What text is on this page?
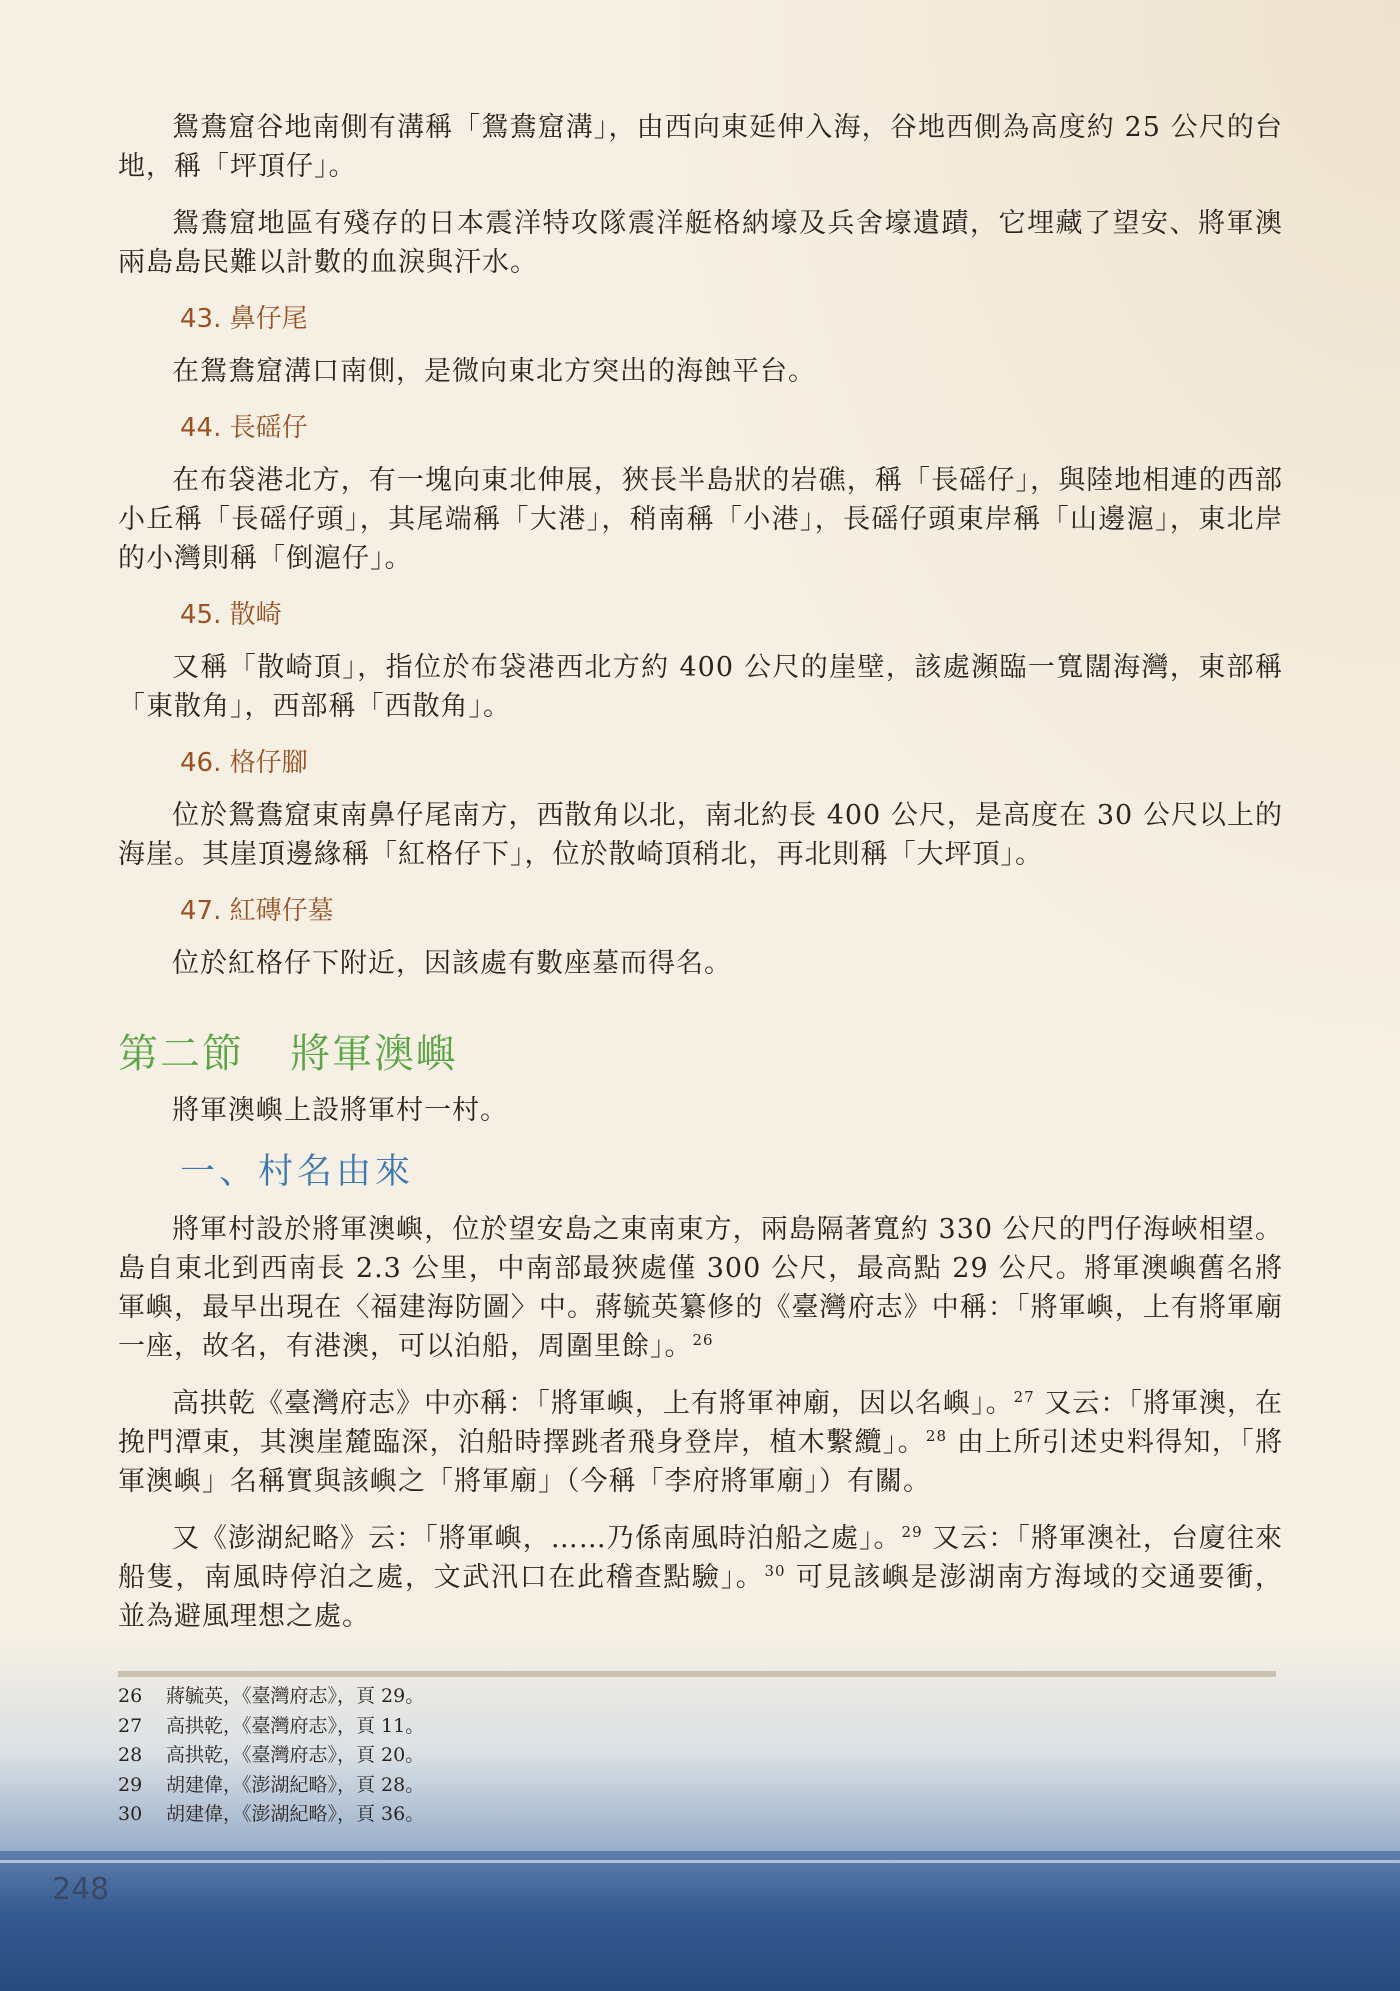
鴛鴦窟谷地南側有溝稱「鴛鴦窟溝」，由西向東延伸入海，谷地西側為高度約 25 公尺的台地，稱「坪頂仔」。

鴛鴦窟地區有殘存的日本震洋特攻隊震洋艇格納壕及兵舍壕遺蹟，它埋藏了望安、將軍澳兩島島民難以計數的血淚與汗水。

43. 鼻仔尾

在鴛鴦窟溝口南側，是微向東北方突出的海蝕平台。

44. 長磘仔

在布袋港北方，有一塊向東北伸展，狹長半島狀的岩礁，稱「長磘仔」，與陸地相連的西部小丘稱「長磘仔頭」，其尾端稱「大港」，稍南稱「小港」，長磘仔頭東岸稱「山邊滬」，東北岸的小灣則稱「倒滬仔」。

45. 散崎

又稱「散崎頂」，指位於布袋港西北方約 400 公尺的崖壁，該處瀕臨一寬闊海灣，東部稱「東散角」，西部稱「西散角」。

46. 格仔腳

位於鴛鴦窟東南鼻仔尾南方，西散角以北，南北約長 400 公尺，是高度在 30 公尺以上的海崖。其崖頂邊緣稱「紅格仔下」，位於散崎頂稍北，再北則稱「大坪頂」。

47. 紅磚仔墓

位於紅格仔下附近，因該處有數座墓而得名。

第二節 將軍澳嶼

將軍澳嶼上設將軍村一村。

一、村名由來

將軍村設於將軍澳嶼，位於望安島之東南東方，兩島隔著寬約 330 公尺的門仔海峽相望。島自東北到西南長 2.3 公里，中南部最狹處僅 300 公尺，最高點 29 公尺。將軍澳嶼舊名將軍嶼，最早出現在〈福建海防圖〉中。蔣毓英纂修的《臺灣府志》中稱：「將軍嶼，上有將軍廟一座，故名，有港澳，可以泊船，周圍里餘」。$^{26}$

高拱乾《臺灣府志》中亦稱：「將軍嶼，上有將軍神廟，因以名嶼」。$^{27}$ 又云：「將軍澳，在挽門潭東，其澳崖麓臨深，泊船時擇跳者飛身登岸，植木繫纜」。$^{28}$ 由上所引述史料得知，「將軍澳嶼」名稱實與該嶼之「將軍廟」（今稱「李府將軍廟」）有關。

又《澎湖紀略》云：「將軍嶼，……乃係南風時泊船之處」。$^{29}$ 又云：「將軍澳社，台廈往來船隻，南風時停泊之處，文武汛口在此稽查點驗」。$^{30}$ 可見該嶼是澎湖南方海域的交通要衝，並為避風理想之處。

26 蔣毓英，《臺灣府志》，頁 29。
27 高拱乾，《臺灣府志》，頁 11。
28 高拱乾，《臺灣府志》，頁 20。
29 胡建偉，《澎湖紀略》，頁 28。
30 胡建偉，《澎湖紀略》，頁 36。
248
